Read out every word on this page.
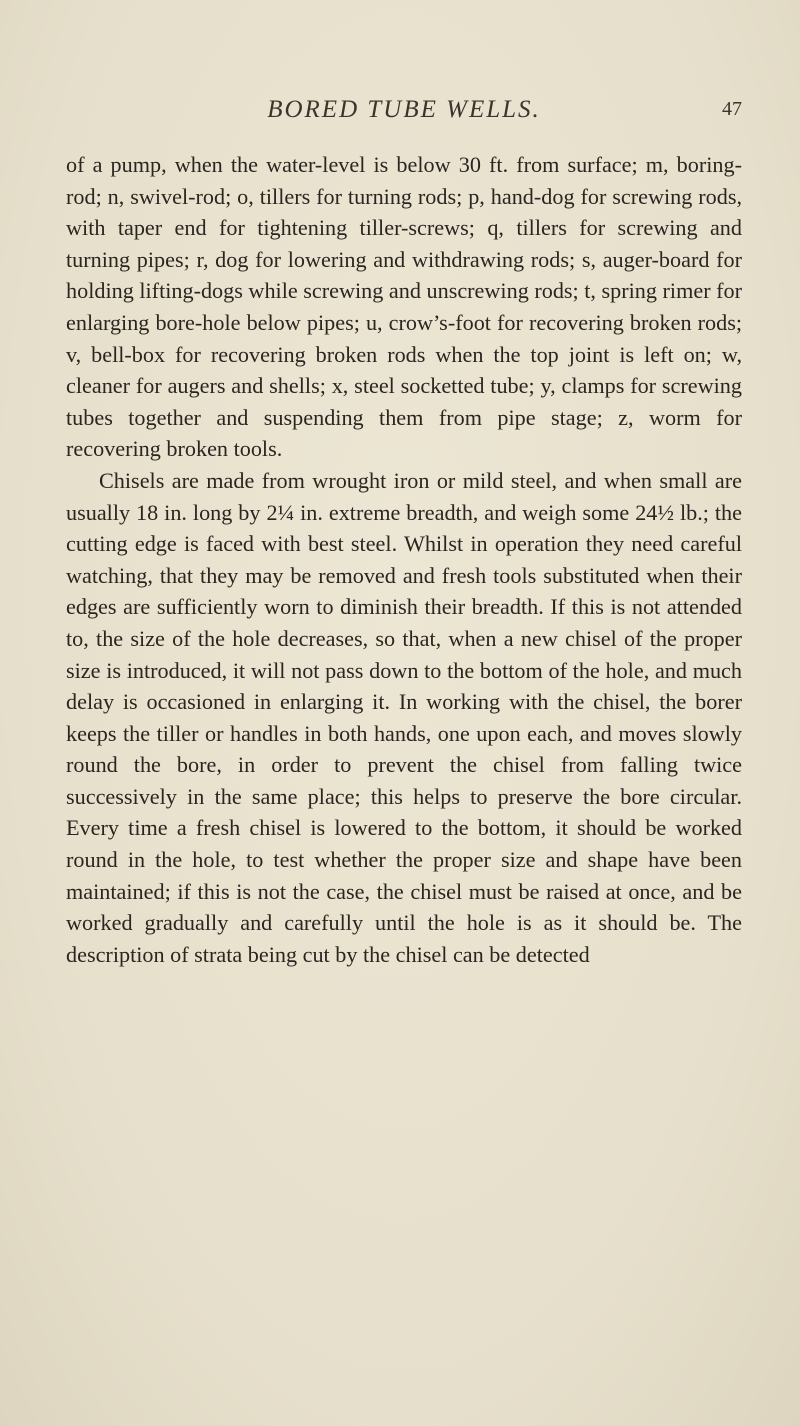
BORED TUBE WELLS.	47

of a pump, when the water-level is below 30 ft. from surface; m, boring-rod; n, swivel-rod; o, tillers for turning rods; p, hand-dog for screwing rods, with taper end for tightening tiller-screws; q, tillers for screwing and turning pipes; r, dog for lowering and withdrawing rods; s, auger-board for holding lifting-dogs while screwing and unscrewing rods; t, spring rimer for enlarging bore-hole below pipes; u, crow’s-foot for recovering broken rods; v, bell-box for recovering broken rods when the top joint is left on; w, cleaner for augers and shells; x, steel socketted tube; y, clamps for screwing tubes together and suspending them from pipe stage; z, worm for recovering broken tools.

Chisels are made from wrought iron or mild steel, and when small are usually 18 in. long by 2¼ in. extreme breadth, and weigh some 24½ lb.; the cutting edge is faced with best steel. Whilst in operation they need careful watching, that they may be removed and fresh tools substituted when their edges are sufficiently worn to diminish their breadth. If this is not attended to, the size of the hole decreases, so that, when a new chisel of the proper size is introduced, it will not pass down to the bottom of the hole, and much delay is occasioned in enlarging it. In working with the chisel, the borer keeps the tiller or handles in both hands, one upon each, and moves slowly round the bore, in order to prevent the chisel from falling twice successively in the same place; this helps to preserve the bore circular. Every time a fresh chisel is lowered to the bottom, it should be worked round in the hole, to test whether the proper size and shape have been maintained; if this is not the case, the chisel must be raised at once, and be worked gradually and carefully until the hole is as it should be. The description of strata being cut by the chisel can be detected
